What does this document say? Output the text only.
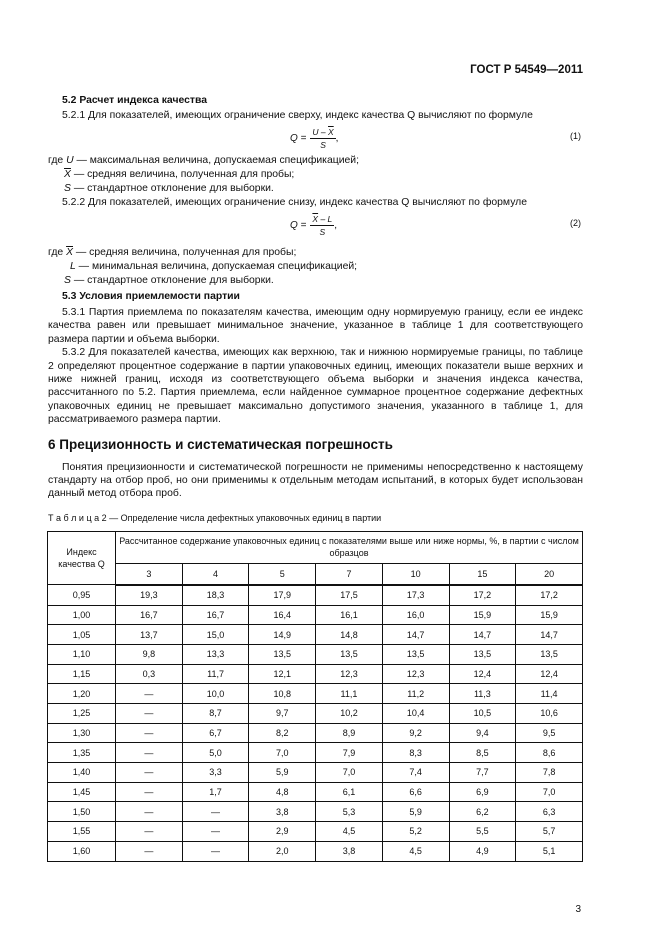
ГОСТ Р 54549—2011
5.2 Расчет индекса качества
5.2.1 Для показателей, имеющих ограничение сверху, индекс качества Q вычисляют по формуле
$Q = \frac{U - \overline{X}}{S}$ ,	(1)
где U — максимальная величина, допускаемая спецификацией;
$\overline{X}$ — средняя величина, полученная для пробы;
S — стандартное отклонение для выборки.
5.2.2 Для показателей, имеющих ограничение снизу, индекс качества Q вычисляют по формуле
$Q = \frac{\overline{X} - L}{S}$ ,	(2)
где $\overline{X}$ — средняя величина, полученная для пробы;
L — минимальная величина, допускаемая спецификацией;
S — стандартное отклонение для выборки.
5.3 Условия приемлемости партии

5.3.1 Партия приемлема по показателям качества, имеющим одну нормируемую границу, если ее индекс качества равен или превышает минимальное значение, указанное в таблице 1 для соответствующего размера партии и объема выборки.

5.3.2 Для показателей качества, имеющих как верхнюю, так и нижнюю нормируемые границы, по таблице 2 определяют процентное содержание в партии упаковочных единиц, имеющих показатели выше верхних и ниже нижней границ, исходя из соответствующего объема выборки и значения индекса качества, рассчитанного по 5.2. Партия приемлема, если найденное суммарное процентное содержание дефектных упаковочных единиц не превышает максимально допустимого значения, указанного в таблице 1, для рассматриваемого размера партии.

6 Прецизионность и систематическая погрешность

Понятия прецизионности и систематической погрешности не применимы непосредственно к настоящему стандарту на отбор проб, но они применимы к отдельным методам испытаний, в которых будет использован данный метод отбора проб.

Т а б л и ц а 2 — Определение числа дефектных упаковочных единиц в партии
Индекс качества Q	Рассчитанное содержание упаковочных единиц с показателями выше или ниже нормы, %, в партии с числом образцов						
	3	4	5	7	10	15	20
0,95	19,3	18,3	17,9	17,5	17,3	17,2	17,2
1,00	16,7	16,7	16,4	16,1	16,0	15,9	15,9
1,05	13,7	15,0	14,9	14,8	14,7	14,7	14,7
1,10	9,8	13,3	13,5	13,5	13,5	13,5	13,5
1,15	0,3	11,7	12,1	12,3	12,3	12,4	12,4
1,20	—	10,0	10,8	11,1	11,2	11,3	11,4
1,25	—	8,7	9,7	10,2	10,4	10,5	10,6
1,30	—	6,7	8,2	8,9	9,2	9,4	9,5
1,35	—	5,0	7,0	7,9	8,3	8,5	8,6
1,40	—	3,3	5,9	7,0	7,4	7,7	7,8
1,45	—	1,7	4,8	6,1	6,6	6,9	7,0
1,50	—	—	3,8	5,3	5,9	6,2	6,3
1,55	—	—	2,9	4,5	5,2	5,5	5,7
1,60	—	—	2,0	3,8	4,5	4,9	5,1
3
